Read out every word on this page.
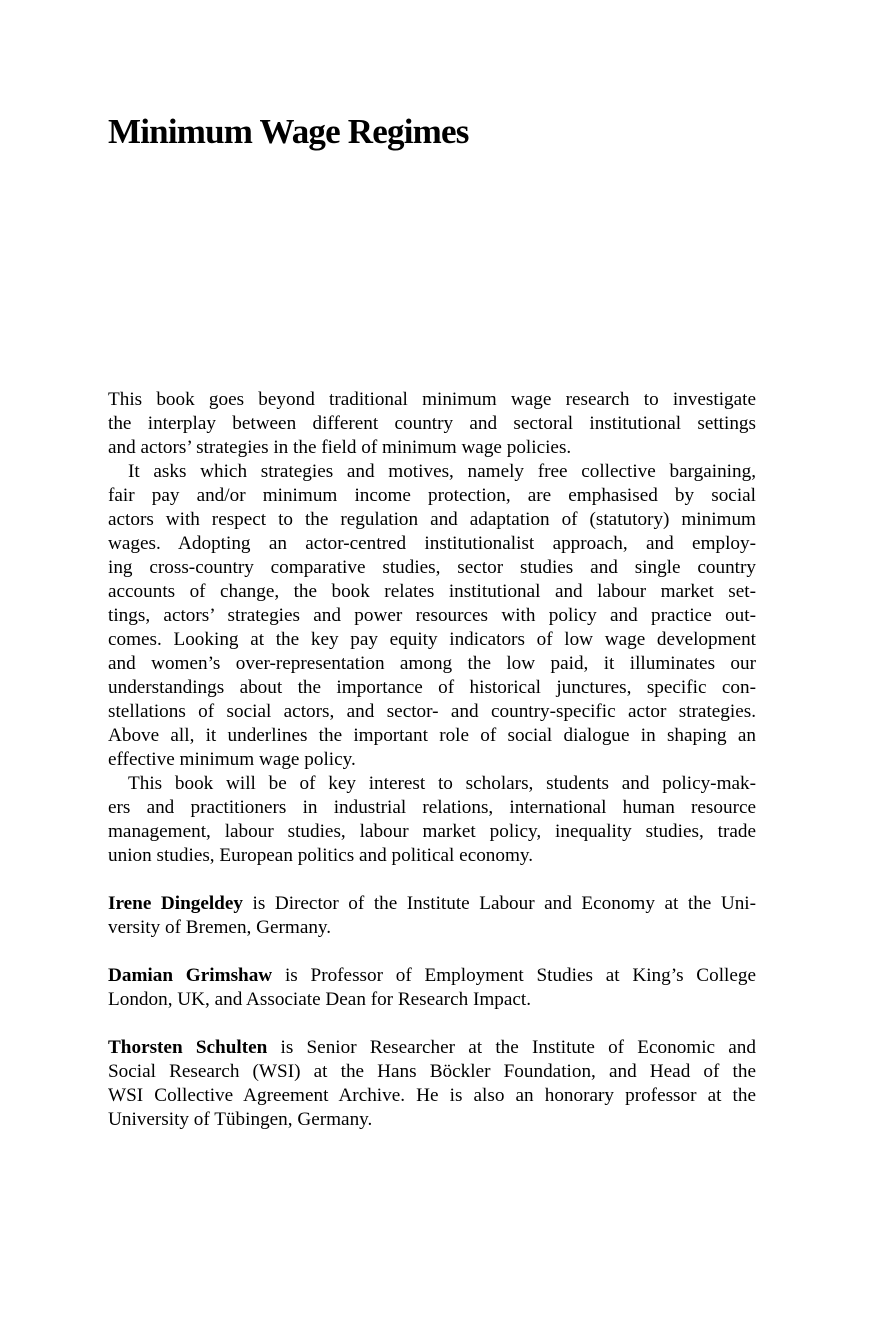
Minimum Wage Regimes
This book goes beyond traditional minimum wage research to investigate
the interplay between different country and sectoral institutional settings
and actors’ strategies in the field of minimum wage policies.
It asks which strategies and motives, namely free collective bargaining,
fair pay and/or minimum income protection, are emphasised by social
actors with respect to the regulation and adaptation of (statutory) minimum
wages. Adopting an actor-centred institutionalist approach, and employ-
ing cross-country comparative studies, sector studies and single country
accounts of change, the book relates institutional and labour market set-
tings, actors’ strategies and power resources with policy and practice out-
comes. Looking at the key pay equity indicators of low wage development
and women’s over-representation among the low paid, it illuminates our
understandings about the importance of historical junctures, specific con-
stellations of social actors, and sector- and country-specific actor strategies.
Above all, it underlines the important role of social dialogue in shaping an
effective minimum wage policy.
This book will be of key interest to scholars, students and policy-mak-
ers and practitioners in industrial relations, international human resource
management, labour studies, labour market policy, inequality studies, trade
union studies, European politics and political economy.
Irene Dingeldey is Director of the Institute Labour and Economy at the Uni-
versity of Bremen, Germany.
Damian Grimshaw is Professor of Employment Studies at King’s College
London, UK, and Associate Dean for Research Impact.
Thorsten Schulten is Senior Researcher at the Institute of Economic and
Social Research (WSI) at the Hans Böckler Foundation, and Head of the
WSI Collective Agreement Archive. He is also an honorary professor at the
University of Tübingen, Germany.
